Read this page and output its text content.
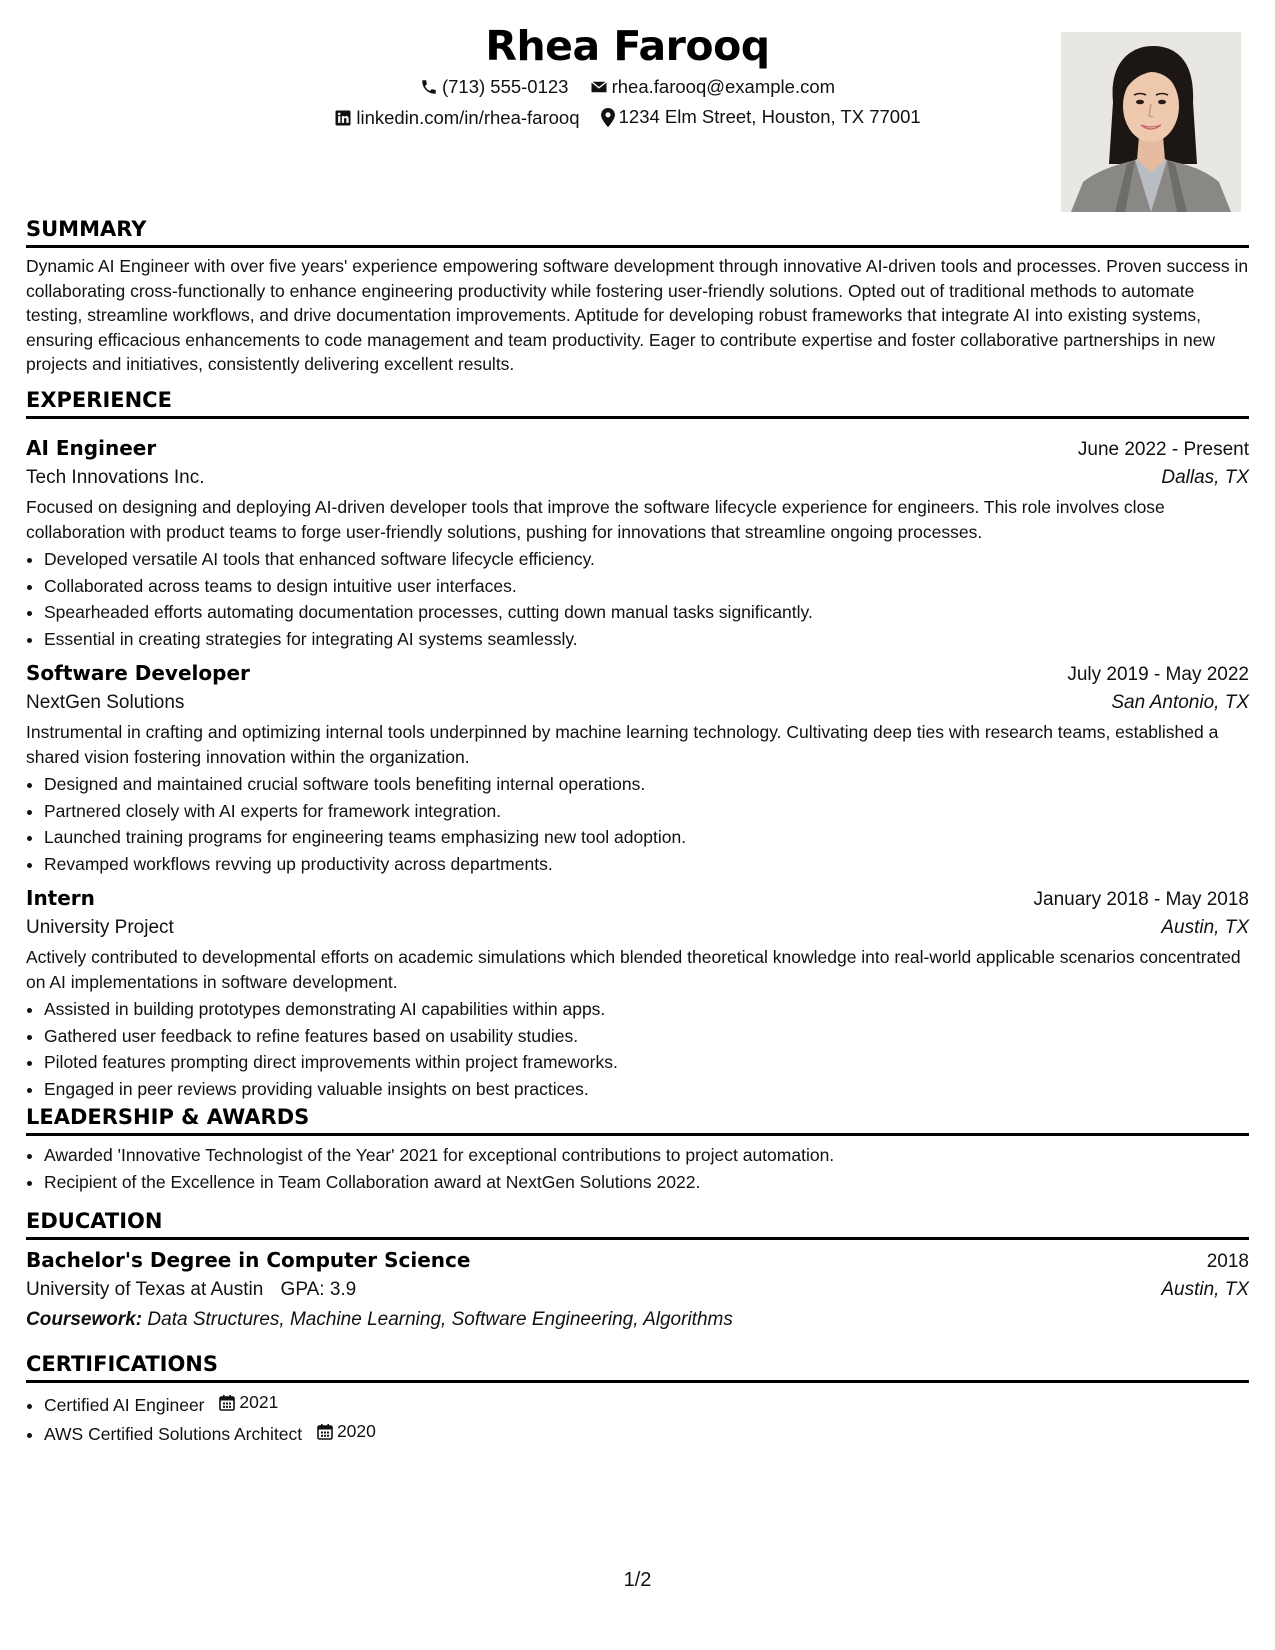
Rhea Farooq
(713) 555-0123
rhea.farooq@example.com
linkedin.com/in/rhea-farooq
1234 Elm Street, Houston, TX 77001
SUMMARY

Dynamic AI Engineer with over five years' experience empowering software development through innovative AI-driven tools and processes. Proven success in collaborating cross-functionally to enhance engineering productivity while fostering user-friendly solutions. Opted out of traditional methods to automate testing, streamline workflows, and drive documentation improvements. Aptitude for developing robust frameworks that integrate AI into existing systems, ensuring efficacious enhancements to code management and team productivity. Eager to contribute expertise and foster collaborative partnerships in new projects and initiatives, consistently delivering excellent results.

EXPERIENCE
AI Engineer	June 2022 - Present
Tech Innovations Inc.	Dallas, TX

Focused on designing and deploying AI-driven developer tools that improve the software lifecycle experience for engineers. This role involves close collaboration with product teams to forge user-friendly solutions, pushing for innovations that streamline ongoing processes.

• Developed versatile AI tools that enhanced software lifecycle efficiency.
• Collaborated across teams to design intuitive user interfaces.
• Spearheaded efforts automating documentation processes, cutting down manual tasks significantly.
• Essential in creating strategies for integrating AI systems seamlessly.
Software Developer	July 2019 - May 2022
NextGen Solutions	San Antonio, TX

Instrumental in crafting and optimizing internal tools underpinned by machine learning technology. Cultivating deep ties with research teams, established a shared vision fostering innovation within the organization.

• Designed and maintained crucial software tools benefiting internal operations.
• Partnered closely with AI experts for framework integration.
• Launched training programs for engineering teams emphasizing new tool adoption.
• Revamped workflows revving up productivity across departments.
Intern	January 2018 - May 2018
University Project	Austin, TX

Actively contributed to developmental efforts on academic simulations which blended theoretical knowledge into real-world applicable scenarios concentrated on AI implementations in software development.

• Assisted in building prototypes demonstrating AI capabilities within apps.
• Gathered user feedback to refine features based on usability studies.
• Piloted features prompting direct improvements within project frameworks.
• Engaged in peer reviews providing valuable insights on best practices.
LEADERSHIP & AWARDS
• Awarded 'Innovative Technologist of the Year' 2021 for exceptional contributions to project automation.
• Recipient of the Excellence in Team Collaboration award at NextGen Solutions 2022.
EDUCATION
Bachelor's Degree in Computer Science	2018
University of Texas at Austin GPA: 3.9	Austin, TX
Coursework: Data Structures, Machine Learning, Software Engineering, Algorithms
CERTIFICATIONS
• Certified AI Engineer 2021
• AWS Certified Solutions Architect 2020
1/2
